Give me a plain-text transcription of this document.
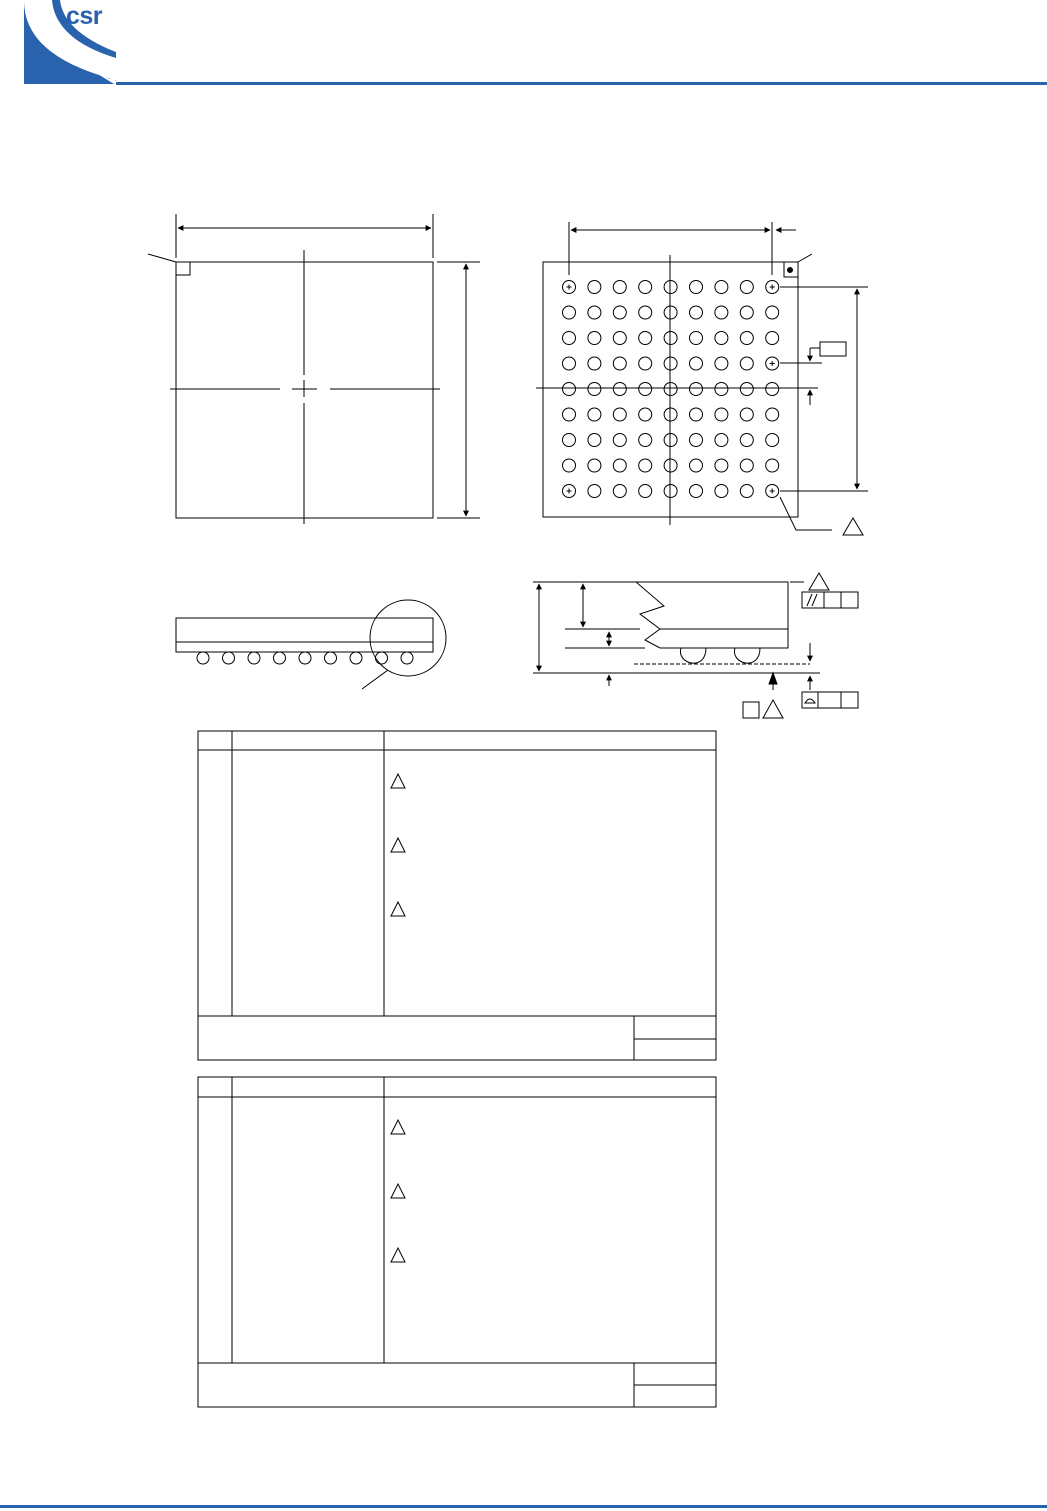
csr
